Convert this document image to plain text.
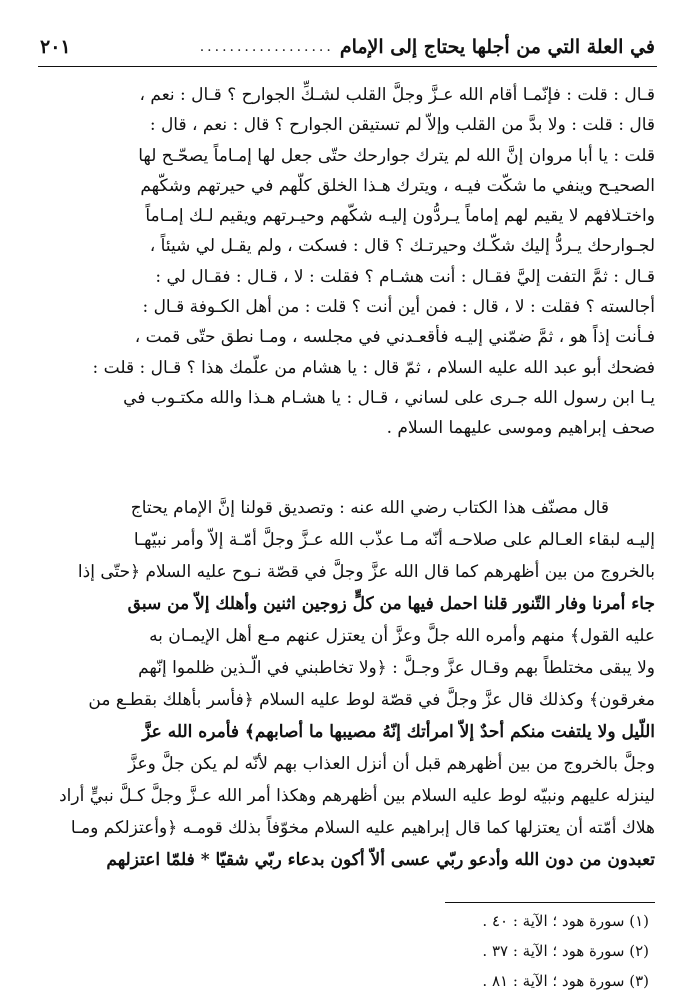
في العلة التي من أجلها يحتاج إلى الإمام
..................
٢٠١
قـال : قلت : فإنّمـا أقام الله عـزَّ وجلَّ القلب لشـكِّ الجوارح ؟ قـال : نعم ،
قال : قلت : ولا بدَّ من القلب وإلاّ لم تستيقن الجوارح ؟ قال : نعم ، قال :
قلت : يا أبا مروان إنَّ الله لم يترك جوارحك حتّى جعل لها إمـاماً يصحّـح لها
الصحيـح وينفي ما شكّت فيـه ، ويترك هـذا الخلق كلّهم في حيرتهم وشكّهم
واختـلافهم لا يقيم لهم إماماً يـردُّون إليـه شكّهم وحيـرتهم ويقيم لـك إمـاماً
لجـوارحك يـردُّ إليك شكّـك وحيرتـك ؟ قال : فسكت ، ولم يقـل لي شيئاً ،
قـال : ثمَّ التفت إليَّ فقـال : أنت هشـام ؟ فقلت : لا ، قـال : فقـال لي :
أجالسته ؟ فقلت : لا ، قال : فمن أين أنت ؟ قلت : من أهل الكـوفة قـال :
فـأنت إذاً هو ، ثمَّ ضمّني إليـه فأقعـدني في مجلسه ، ومـا نطق حتّى قمت ،
فضحك أبو عبد الله عليه السلام ، ثمّ قال : يا هشام من علّمك هذا ؟ قـال : قلت :
يـا ابن رسول الله جـرى على لساني ، قـال : يا هشـام هـذا والله مكتـوب في
صحف إبراهيم وموسى عليهما السلام .
قال مصنّف هذا الكتاب رضي الله عنه : وتصديق قولنا إنَّ الإمام يحتاج
إليـه لبقاء العـالم على صلاحـه أنّه مـا عذّب الله عـزَّ وجلَّ أمّـة إلاّ وأمر نبيّهـا
بالخروج من بين أظهرهم كما قال الله عزَّ وجلَّ في قصّة نـوح عليه السلام ﴿حتّى إذا
جاء أمرنا وفار التّنور قلنا احمل فيها من كلٍّ زوجين اثنين وأهلك إلاّ من سبق
عليه القول﴾ منهم وأمره الله جلَّ وعزَّ أن يعتزل عنهم مـع أهل الإيمـان به
ولا يبقى مختلطاً بهم وقـال عزَّ وجـلَّ : ﴿ولا تخاطبني في الّـذين ظلموا إنّهم
مغرقون﴾ وكذلك قال عزَّ وجلَّ في قصّة لوط عليه السلام ﴿فأسر بأهلك بقطـع من
اللّيل ولا يلتفت منكم أحدٌ إلاّ امرأتك إنّهُ مصيبها ما أصابهم﴾ فأمره الله عزَّ
وجلَّ بالخروج من بين أظهرهم قبل أن أنزل العذاب بهم لأنّه لم يكن جلَّ وعزَّ
لينزله عليهم ونبيّه لوط عليه السلام بين أظهرهم وهكذا أمر الله عـزَّ وجلَّ كـلَّ نبيٍّ أراد
هلاك أمّته أن يعتزلها كما قال إبراهيم عليه السلام مخوّفاً بذلك قومـه ﴿وأعتزلكم ومـا
تعبدون من دون الله وأدعو ربّي عسى ألاّ أكون بدعاء ربّي شقيّا * فلمّا اعتزلهم
(١) سورة هود ؛ الآية : ٤٠ .
(٢) سورة هود ؛ الآية : ٣٧ .
(٣) سورة هود ؛ الآية : ٨١ .
